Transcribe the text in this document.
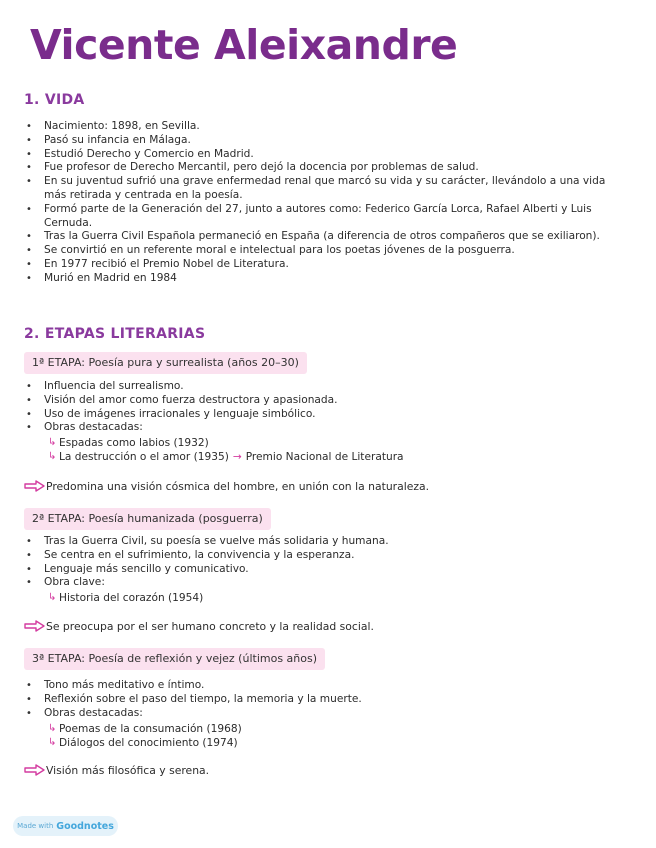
Vicente Aleixandre
1. VIDA
• Nacimiento: 1898, en Sevilla.
• Pasó su infancia en Málaga.
• Estudió Derecho y Comercio en Madrid.
• Fue profesor de Derecho Mercantil, pero dejó la docencia por problemas de salud.
• En su juventud sufrió una grave enfermedad renal que marcó su vida y su carácter, llevándolo a una vida más retirada y centrada en la poesía.
• Formó parte de la Generación del 27, junto a autores como: Federico García Lorca, Rafael Alberti y Luis Cernuda.
• Tras la Guerra Civil Española permaneció en España (a diferencia de otros compañeros que se exiliaron).
• Se convirtió en un referente moral e intelectual para los poetas jóvenes de la posguerra.
• En 1977 recibió el Premio Nobel de Literatura.
• Murió en Madrid en 1984
2. ETAPAS LITERARIAS
1ª ETAPA: Poesía pura y surrealista (años 20–30)
• Influencia del surrealismo.
• Visión del amor como fuerza destructora y apasionada.
• Uso de imágenes irracionales y lenguaje simbólico.
• Obras destacadas:
↳ Espadas como labios (1932)
↳ La destrucción o el amor (1935) → Premio Nacional de Literatura
Predomina una visión cósmica del hombre, en unión con la naturaleza.
2ª ETAPA: Poesía humanizada (posguerra)
• Tras la Guerra Civil, su poesía se vuelve más solidaria y humana.
• Se centra en el sufrimiento, la convivencia y la esperanza.
• Lenguaje más sencillo y comunicativo.
• Obra clave:
↳ Historia del corazón (1954)
Se preocupa por el ser humano concreto y la realidad social.
3ª ETAPA: Poesía de reflexión y vejez (últimos años)
• Tono más meditativo e íntimo.
• Reflexión sobre el paso del tiempo, la memoria y la muerte.
• Obras destacadas:
↳ Poemas de la consumación (1968)
↳ Diálogos del conocimiento (1974)
Visión más filosófica y serena.
Made with Goodnotes
